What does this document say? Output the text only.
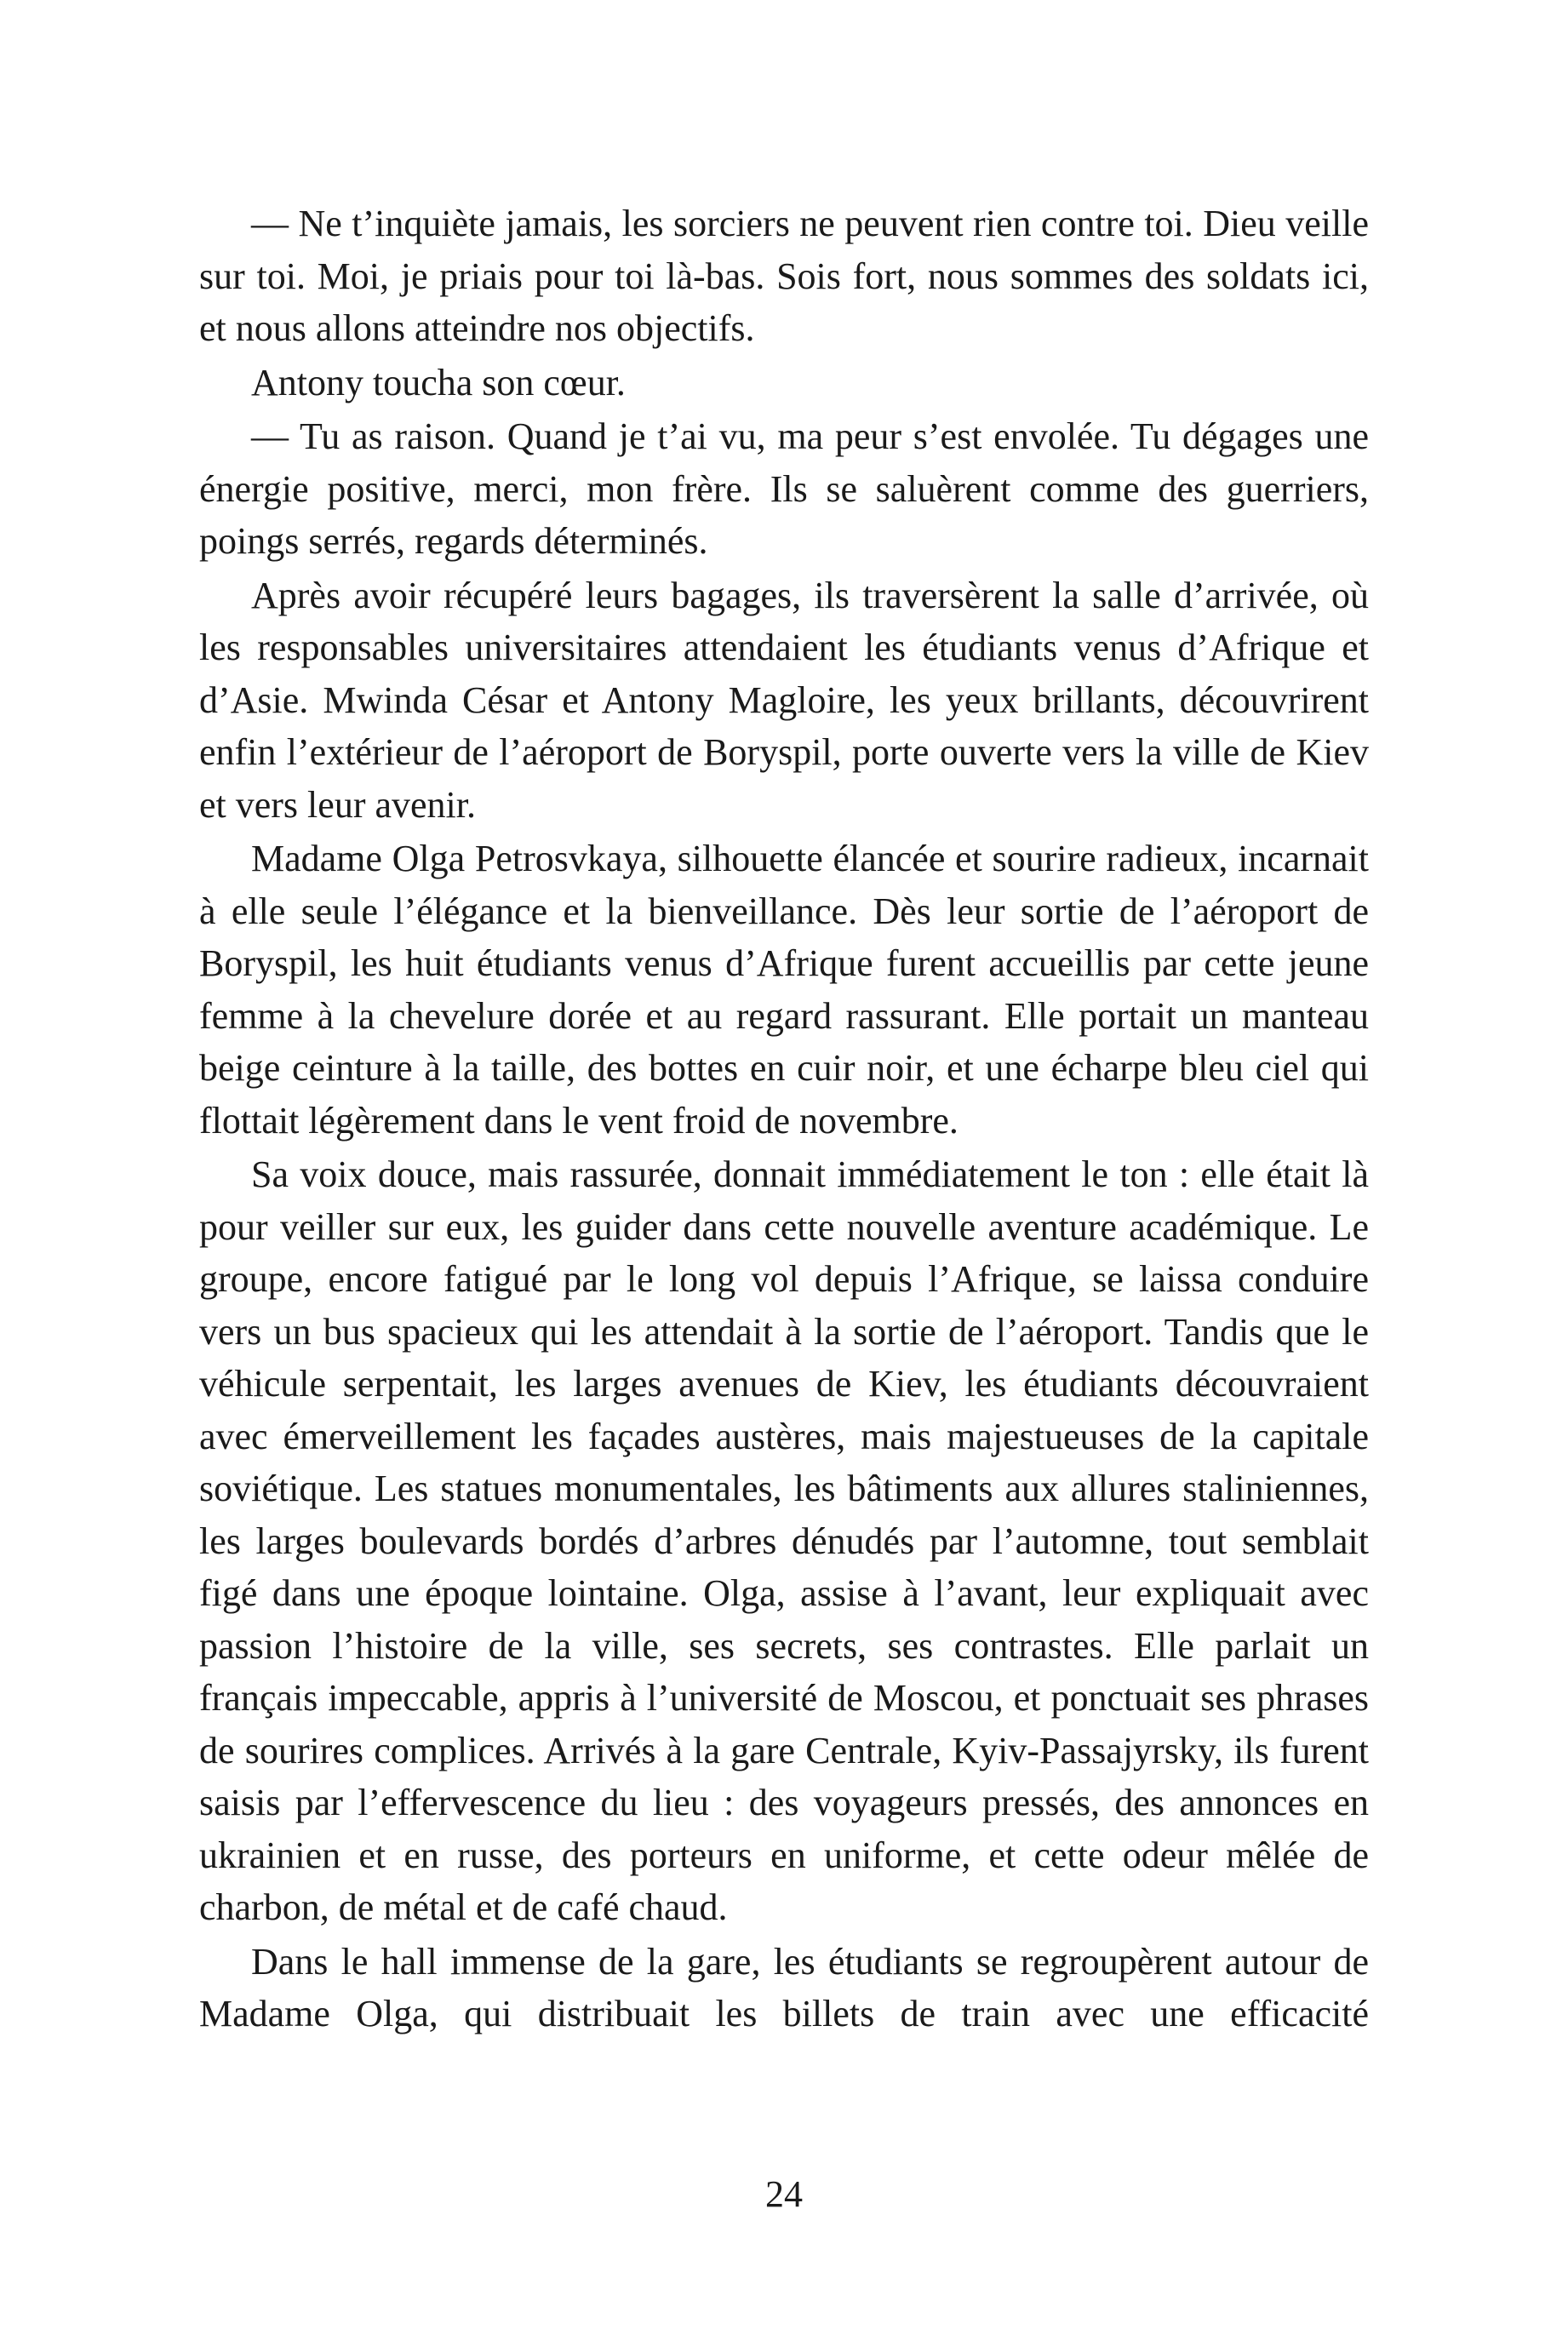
— Ne t’inquiète jamais, les sorciers ne peuvent rien contre toi. Dieu veille sur toi. Moi, je priais pour toi là-bas. Sois fort, nous sommes des soldats ici, et nous allons atteindre nos objectifs.

Antony toucha son cœur.

— Tu as raison. Quand je t’ai vu, ma peur s’est envolée. Tu dégages une énergie positive, merci, mon frère. Ils se saluèrent comme des guerriers, poings serrés, regards déterminés.

Après avoir récupéré leurs bagages, ils traversèrent la salle d’arrivée, où les responsables universitaires attendaient les étudiants venus d’Afrique et d’Asie. Mwinda César et Antony Magloire, les yeux brillants, découvrirent enfin l’extérieur de l’aéroport de Boryspil, porte ouverte vers la ville de Kiev et vers leur avenir.

Madame Olga Petrosvkaya, silhouette élancée et sourire radieux, incarnait à elle seule l’élégance et la bienveillance. Dès leur sortie de l’aéroport de Boryspil, les huit étudiants venus d’Afrique furent accueillis par cette jeune femme à la chevelure dorée et au regard rassurant. Elle portait un manteau beige ceinture à la taille, des bottes en cuir noir, et une écharpe bleu ciel qui flottait légèrement dans le vent froid de novembre.

Sa voix douce, mais rassurée, donnait immédiatement le ton : elle était là pour veiller sur eux, les guider dans cette nouvelle aventure académique. Le groupe, encore fatigué par le long vol depuis l’Afrique, se laissa conduire vers un bus spacieux qui les attendait à la sortie de l’aéroport. Tandis que le véhicule serpentait, les larges avenues de Kiev, les étudiants découvraient avec émerveillement les façades austères, mais majestueuses de la capitale soviétique. Les statues monumentales, les bâtiments aux allures staliniennes, les larges boulevards bordés d’arbres dénudés par l’automne, tout semblait figé dans une époque lointaine. Olga, assise à l’avant, leur expliquait avec passion l’histoire de la ville, ses secrets, ses contrastes. Elle parlait un français impeccable, appris à l’université de Moscou, et ponctuait ses phrases de sourires complices. Arrivés à la gare Centrale, Kyiv-Passajyrsky, ils furent saisis par l’effervescence du lieu : des voyageurs pressés, des annonces en ukrainien et en russe, des porteurs en uniforme, et cette odeur mêlée de charbon, de métal et de café chaud.

Dans le hall immense de la gare, les étudiants se regroupèrent autour de Madame Olga, qui distribuait les billets de train avec une efficacité

24
